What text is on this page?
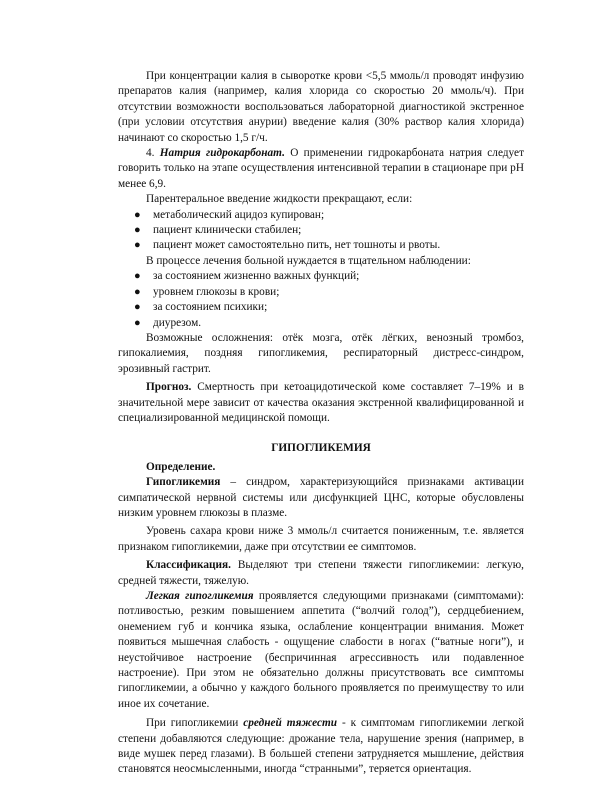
При концентрации калия в сыворотке крови <5,5 ммоль/л проводят инфузию препаратов калия (например, калия хлорида со скоростью 20 ммоль/ч). При отсутствии возможности воспользоваться лабораторной диагностикой экстренное (при условии отсутствия анурии) введение калия (30% раствор калия хлорида) начинают со скоростью 1,5 г/ч.

4. Натрия гидрокарбонат. О применении гидрокарбоната натрия следует говорить только на этапе осуществления интенсивной терапии в стационаре при рН менее 6,9.

Парентеральное введение жидкости прекращают, если:

● метаболический ацидоз купирован;
● пациент клинически стабилен;
● пациент может самостоятельно пить, нет тошноты и рвоты.

В процессе лечения больной нуждается в тщательном наблюдении:

● за состоянием жизненно важных функций;
● уровнем глюкозы в крови;
● за состоянием психики;
● диурезом.

Возможные осложнения: отёк мозга, отёк лёгких, венозный тромбоз, гипокалиемия, поздняя гипогликемия, респираторный дистресс-синдром, эрозивный гастрит.

Прогноз. Смертность при кетоацидотической коме составляет 7–19% и в значительной мере зависит от качества оказания экстренной квалифицированной и специализированной медицинской помощи.

ГИПОГЛИКЕМИЯ

Определение.

Гипогликемия – синдром, характеризующийся признаками активации симпатической нервной системы или дисфункцией ЦНС, которые обусловлены низким уровнем глюкозы в плазме.

Уровень сахара крови ниже 3 ммоль/л считается пониженным, т.е. является признаком гипогликемии, даже при отсутствии ее симптомов.

Классификация. Выделяют три степени тяжести гипогликемии: легкую, средней тяжести, тяжелую.

Легкая гипогликемия проявляется следующими признаками (симптомами): потливостью, резким повышением аппетита (“волчий голод”), сердцебиением, онемением губ и кончика языка, ослабление концентрации внимания. Может появиться мышечная слабость - ощущение слабости в ногах (“ватные ноги”), и неустойчивое настроение (беспричинная агрессивность или подавленное настроение). При этом не обязательно должны присутствовать все симптомы гипогликемии, а обычно у каждого больного проявляется по преимуществу то или иное их сочетание.

При гипогликемии средней тяжести - к симптомам гипогликемии легкой степени добавляются следующие: дрожание тела, нарушение зрения (например, в виде мушек перед глазами). В большей степени затрудняется мышление, действия становятся неосмысленными, иногда “странными”, теряется ориентация.
